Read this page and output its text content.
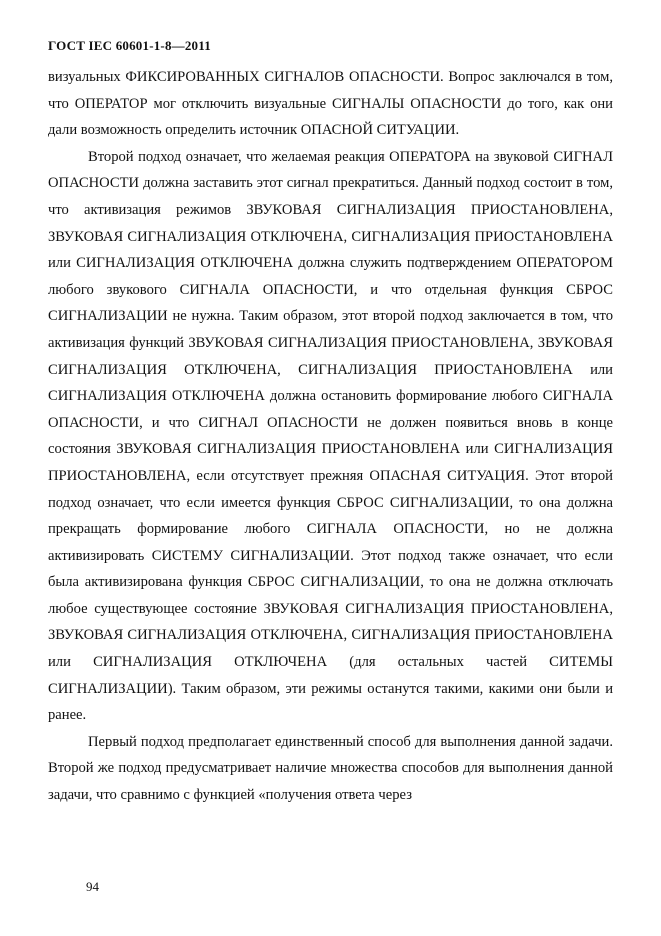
ГОСТ IEC 60601-1-8—2011

визуальных ФИКСИРОВАННЫХ СИГНАЛОВ ОПАСНОСТИ. Вопрос заключался в том, что ОПЕРАТОР мог отключить визуальные СИГНАЛЫ ОПАСНОСТИ до того, как они дали возможность определить источник ОПАСНОЙ СИТУАЦИИ.

Второй подход означает, что желаемая реакция ОПЕРАТОРА на звуковой СИГНАЛ ОПАСНОСТИ должна заставить этот сигнал прекратиться. Данный подход состоит в том, что активизация режимов ЗВУКОВАЯ СИГНАЛИЗАЦИЯ ПРИОСТАНОВЛЕНА, ЗВУКОВАЯ СИГНАЛИЗАЦИЯ ОТКЛЮЧЕНА, СИГНАЛИЗАЦИЯ ПРИОСТАНОВЛЕНА или СИГНАЛИЗАЦИЯ ОТКЛЮЧЕНА должна служить подтверждением ОПЕРАТОРОМ любого звукового СИГНАЛА ОПАСНОСТИ, и что отдельная функция СБРОС СИГНАЛИЗАЦИИ не нужна. Таким образом, этот второй подход заключается в том, что активизация функций ЗВУКОВАЯ СИГНАЛИЗАЦИЯ ПРИОСТАНОВЛЕНА, ЗВУКОВАЯ СИГНАЛИЗАЦИЯ ОТКЛЮЧЕНА, СИГНАЛИЗАЦИЯ ПРИОСТАНОВЛЕНА или СИГНАЛИЗАЦИЯ ОТКЛЮЧЕНА должна остановить формирование любого СИГНАЛА ОПАСНОСТИ, и что СИГНАЛ ОПАСНОСТИ не должен появиться вновь в конце состояния ЗВУКОВАЯ СИГНАЛИЗАЦИЯ ПРИОСТАНОВЛЕНА или СИГНАЛИЗАЦИЯ ПРИОСТАНОВЛЕНА, если отсутствует прежняя ОПАСНАЯ СИТУАЦИЯ. Этот второй подход означает, что если имеется функция СБРОС СИГНАЛИЗАЦИИ, то она должна прекращать формирование любого СИГНАЛА ОПАСНОСТИ, но не должна активизировать СИСТЕМУ СИГНАЛИЗАЦИИ. Этот подход также означает, что если была активизирована функция СБРОС СИГНАЛИЗАЦИИ, то она не должна отключать любое существующее состояние ЗВУКОВАЯ СИГНАЛИЗАЦИЯ ПРИОСТАНОВЛЕНА, ЗВУКОВАЯ СИГНАЛИЗАЦИЯ ОТКЛЮЧЕНА, СИГНАЛИЗАЦИЯ ПРИОСТАНОВЛЕНА или СИГНАЛИЗАЦИЯ ОТКЛЮЧЕНА (для остальных частей СИТЕМЫ СИГНАЛИЗАЦИИ). Таким образом, эти режимы останутся такими, какими они были и ранее.

Первый подход предполагает единственный способ для выполнения данной задачи. Второй же подход предусматривает наличие множества способов для выполнения данной задачи, что сравнимо с функцией «получения ответа через

94
